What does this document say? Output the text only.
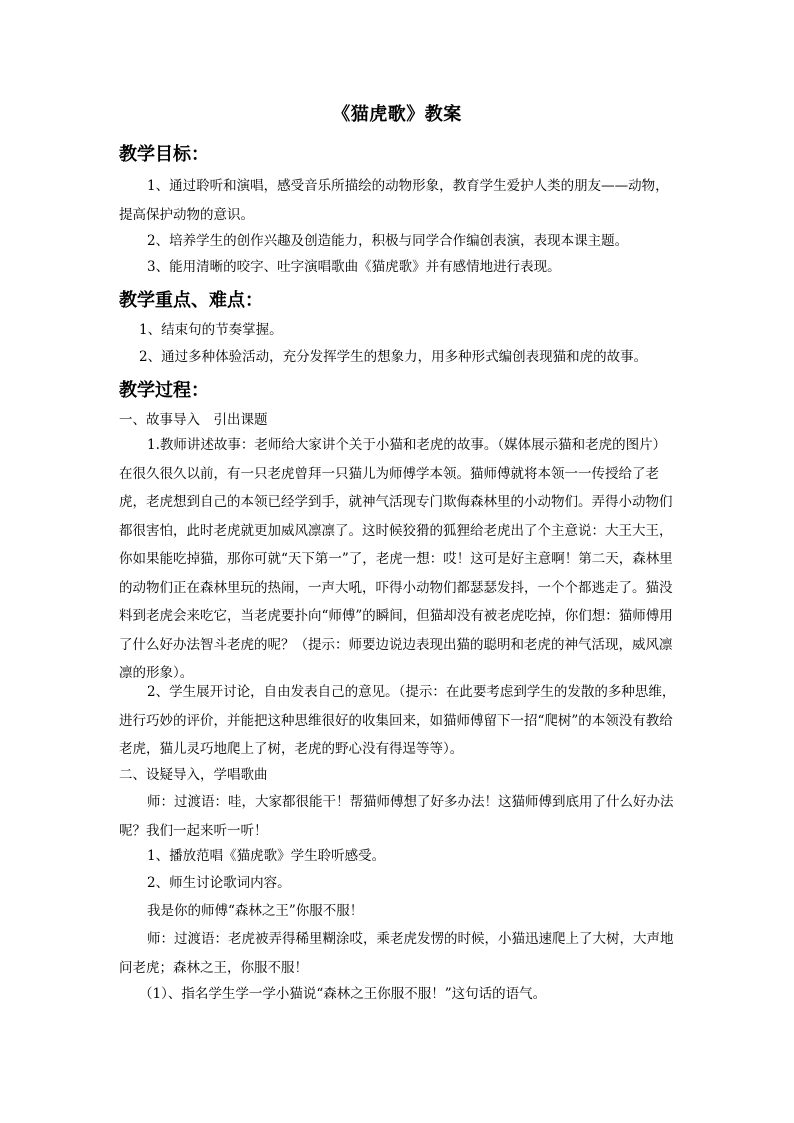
《猫虎歌》教案
教学目标：

1、通过聆听和演唱，感受音乐所描绘的动物形象，教育学生爱护人类的朋友——动物，提高保护动物的意识。

2、培养学生的创作兴趣及创造能力，积极与同学合作编创表演，表现本课主题。

3、能用清晰的咬字、吐字演唱歌曲《猫虎歌》并有感情地进行表现。

教学重点、难点：

1、结束句的节奏掌握。

2、通过多种体验活动，充分发挥学生的想象力，用多种形式编创表现猫和虎的故事。

教学过程：

一、故事导入　引出课题

1.教师讲述故事：老师给大家讲个关于小猫和老虎的故事。（媒体展示猫和老虎的图片）在很久很久以前，有一只老虎曾拜一只猫儿为师傅学本领。猫师傅就将本领一一传授给了老虎，老虎想到自己的本领已经学到手，就神气活现专门欺侮森林里的小动物们。弄得小动物们都很害怕，此时老虎就更加威风凛凛了。这时候狡猾的狐狸给老虎出了个主意说：大王大王，你如果能吃掉猫，那你可就“天下第一”了，老虎一想：哎！这可是好主意啊！第二天，森林里的动物们正在森林里玩的热闹，一声大吼，吓得小动物们都瑟瑟发抖，一个个都逃走了。猫没料到老虎会来吃它，当老虎要扑向“师傅”的瞬间，但猫却没有被老虎吃掉，你们想：猫师傅用了什么好办法智斗老虎的呢？（提示：师要边说边表现出猫的聪明和老虎的神气活现，威风凛凛的形象）。

2、学生展开讨论，自由发表自己的意见。（提示：在此要考虑到学生的发散的多种思维，进行巧妙的评价，并能把这种思维很好的收集回来，如猫师傅留下一招“爬树”的本领没有教给老虎，猫儿灵巧地爬上了树，老虎的野心没有得逞等等）。

二、设疑导入，学唱歌曲

师：过渡语：哇，大家都很能干！帮猫师傅想了好多办法！这猫师傅到底用了什么好办法呢？我们一起来听一听！

1、播放范唱《猫虎歌》学生聆听感受。

2、师生讨论歌词内容。

我是你的师傅“森林之王”你服不服！

师：过渡语：老虎被弄得稀里糊涂哎，乘老虎发愣的时候，小猫迅速爬上了大树，大声地问老虎；森林之王，你服不服！

（1）、指名学生学一学小猫说“森林之王你服不服！”这句话的语气。
